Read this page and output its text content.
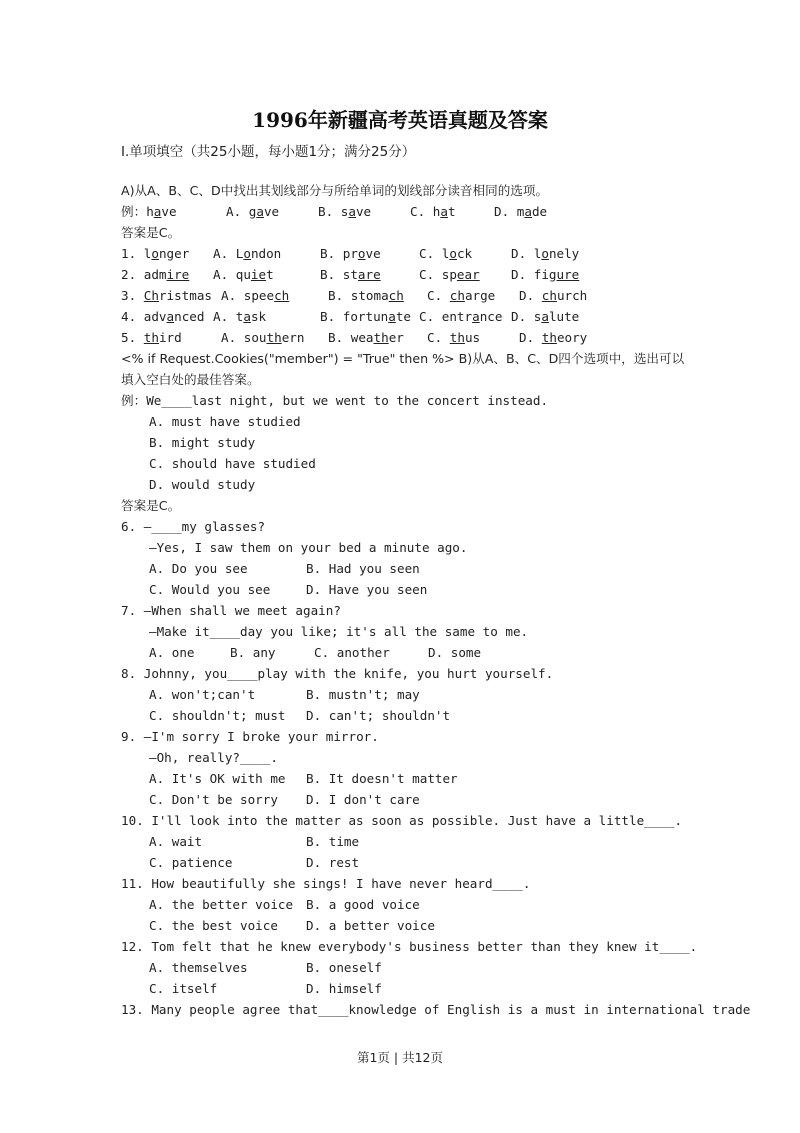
1996年新疆高考英语真题及答案
Ⅰ.单项填空（共25小题，每小题1分；满分25分）
A)从A、B、C、D中找出其划线部分与所给单词的划线部分读音相同的选项。
例：have	A. gave	B. save	C. hat	D. made
答案是C。
1. longer A. London	B. prove	C. lock	D. lonely
2. admire A. quiet	B. stare	C. spear D. figure
3. Christmas A. speech	B. stomach C. charge D. church
4. advanced A. task	B. fortunate C. entrance D. salute
5. third	A. southern B. weather C. thus	D. theory
<% if Request.Cookies("member") = "True" then %> B)从A、B、C、D四个选项中，选出可以填入空白处的最佳答案。
例：We____last night, but we went to the concert instead.
A. must have studied
B. might study
C. should have studied
D. would study
答案是C。
6. —____my glasses?
—Yes, I saw them on your bed a minute ago.
A. Do you see	B. Had you seen
C. Would you see	D. Have you seen
7. —When shall we meet again?
—Make it____day you like; it's all the same to me.
A. one	B. any	C. another	D. some
8. Johnny, you____play with the knife, you hurt yourself.
A. won't;can't	B. mustn't; may
C. shouldn't; must D. can't; shouldn't
9. —I'm sorry I broke your mirror.
—Oh, really?____.
A. It's OK with me B. It doesn't matter
C. Don't be sorry D. I don't care
10. I'll look into the matter as soon as possible. Just have a little____.
A. wait	B. time
C. patience	D. rest
11. How beautifully she sings! I have never heard____.
A. the better voice B. a good voice
C. the best voice D. a better voice
12. Tom felt that he knew everybody's business better than they knew it____.
A. themselves	B. oneself
C. itself	D. himself
13. Many people agree that____knowledge of English is a must in international trade
第1页 | 共12页
